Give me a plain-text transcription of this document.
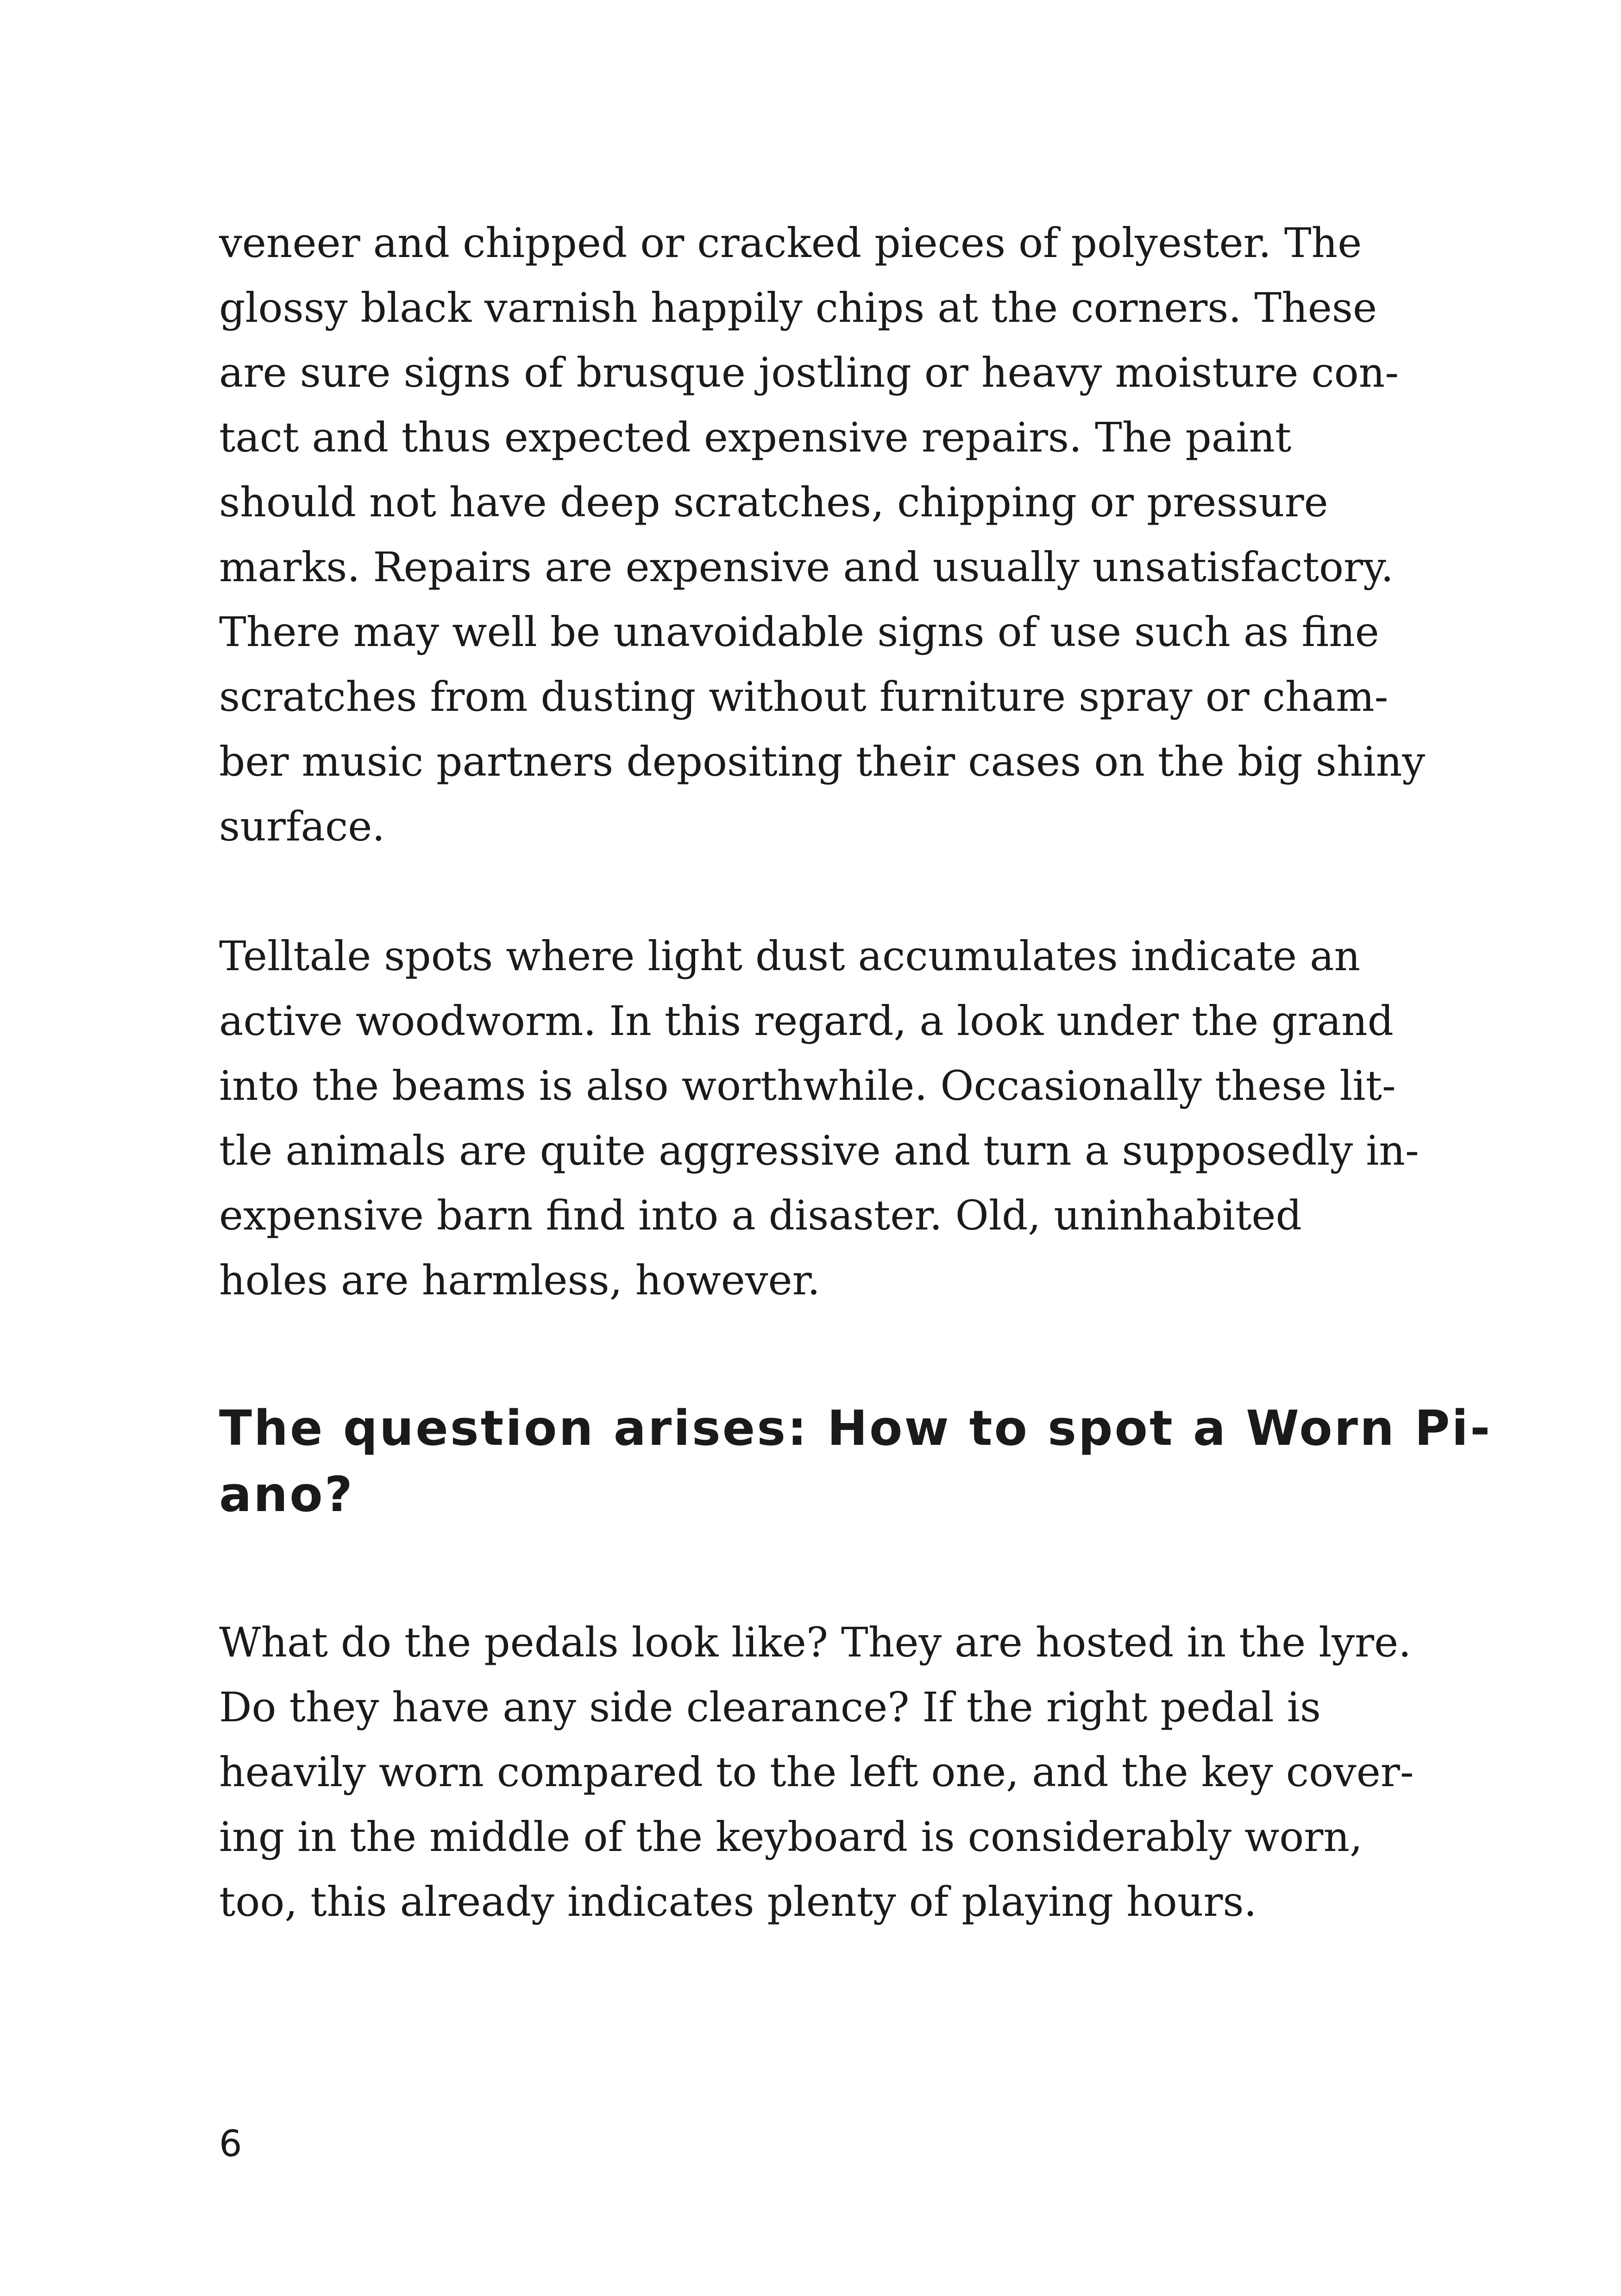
veneer and chipped or cracked pieces of polyester. The
glossy black varnish happily chips at the corners. These
are sure signs of brusque jostling or heavy moisture con-
tact and thus expected expensive repairs. The paint
should not have deep scratches, chipping or pressure
marks. Repairs are expensive and usually unsatisfactory.
There may well be unavoidable signs of use such as fine
scratches from dusting without furniture spray or cham-
ber music partners depositing their cases on the big shiny
surface.

Telltale spots where light dust accumulates indicate an
active woodworm. In this regard, a look under the grand
into the beams is also worthwhile. Occasionally these lit-
tle animals are quite aggressive and turn a supposedly in-
expensive barn find into a disaster. Old, uninhabited
holes are harmless, however.

The question arises: How to spot a Worn Pi-
ano?

What do the pedals look like? They are hosted in the lyre.
Do they have any side clearance? If the right pedal is
heavily worn compared to the left one, and the key cover-
ing in the middle of the keyboard is considerably worn,
too, this already indicates plenty of playing hours.

6
